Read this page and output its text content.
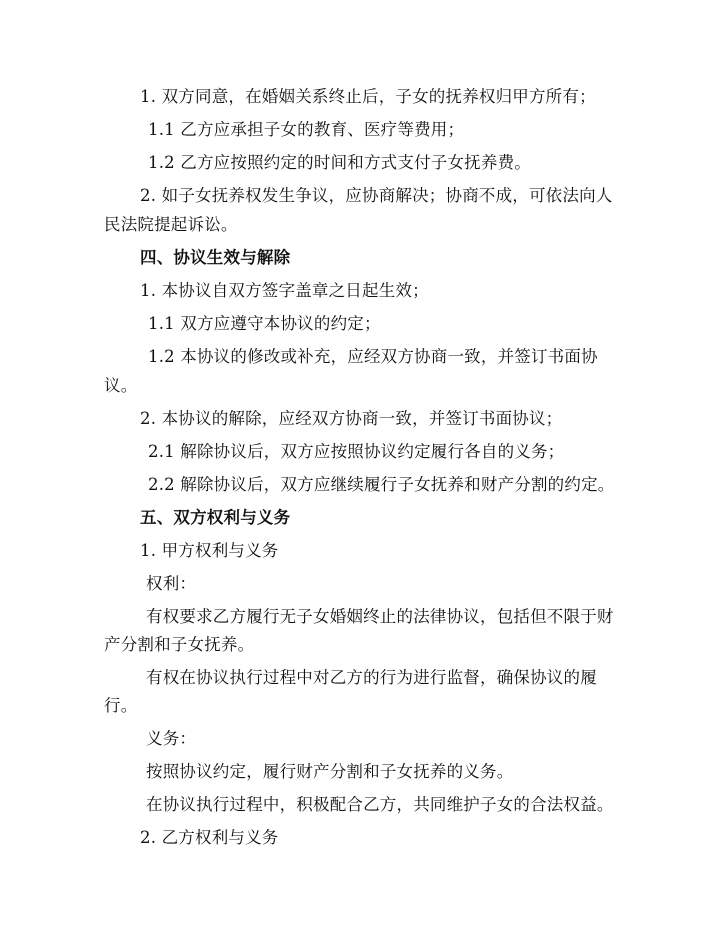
1. 双方同意，在婚姻关系终止后，子女的抚养权归甲方所有；
1.1 乙方应承担子女的教育、医疗等费用；
1.2 乙方应按照约定的时间和方式支付子女抚养费。
2. 如子女抚养权发生争议，应协商解决；协商不成，可依法向人
民法院提起诉讼。
四、协议生效与解除
1. 本协议自双方签字盖章之日起生效；
1.1 双方应遵守本协议的约定；
1.2 本协议的修改或补充，应经双方协商一致，并签订书面协
议。
2. 本协议的解除，应经双方协商一致，并签订书面协议；
2.1 解除协议后，双方应按照协议约定履行各自的义务；
2.2 解除协议后，双方应继续履行子女抚养和财产分割的约定。
五、双方权利与义务
1. 甲方权利与义务
权利：
有权要求乙方履行无子女婚姻终止的法律协议，包括但不限于财
产分割和子女抚养。
有权在协议执行过程中对乙方的行为进行监督，确保协议的履
行。
义务：
按照协议约定，履行财产分割和子女抚养的义务。
在协议执行过程中，积极配合乙方，共同维护子女的合法权益。
2. 乙方权利与义务
